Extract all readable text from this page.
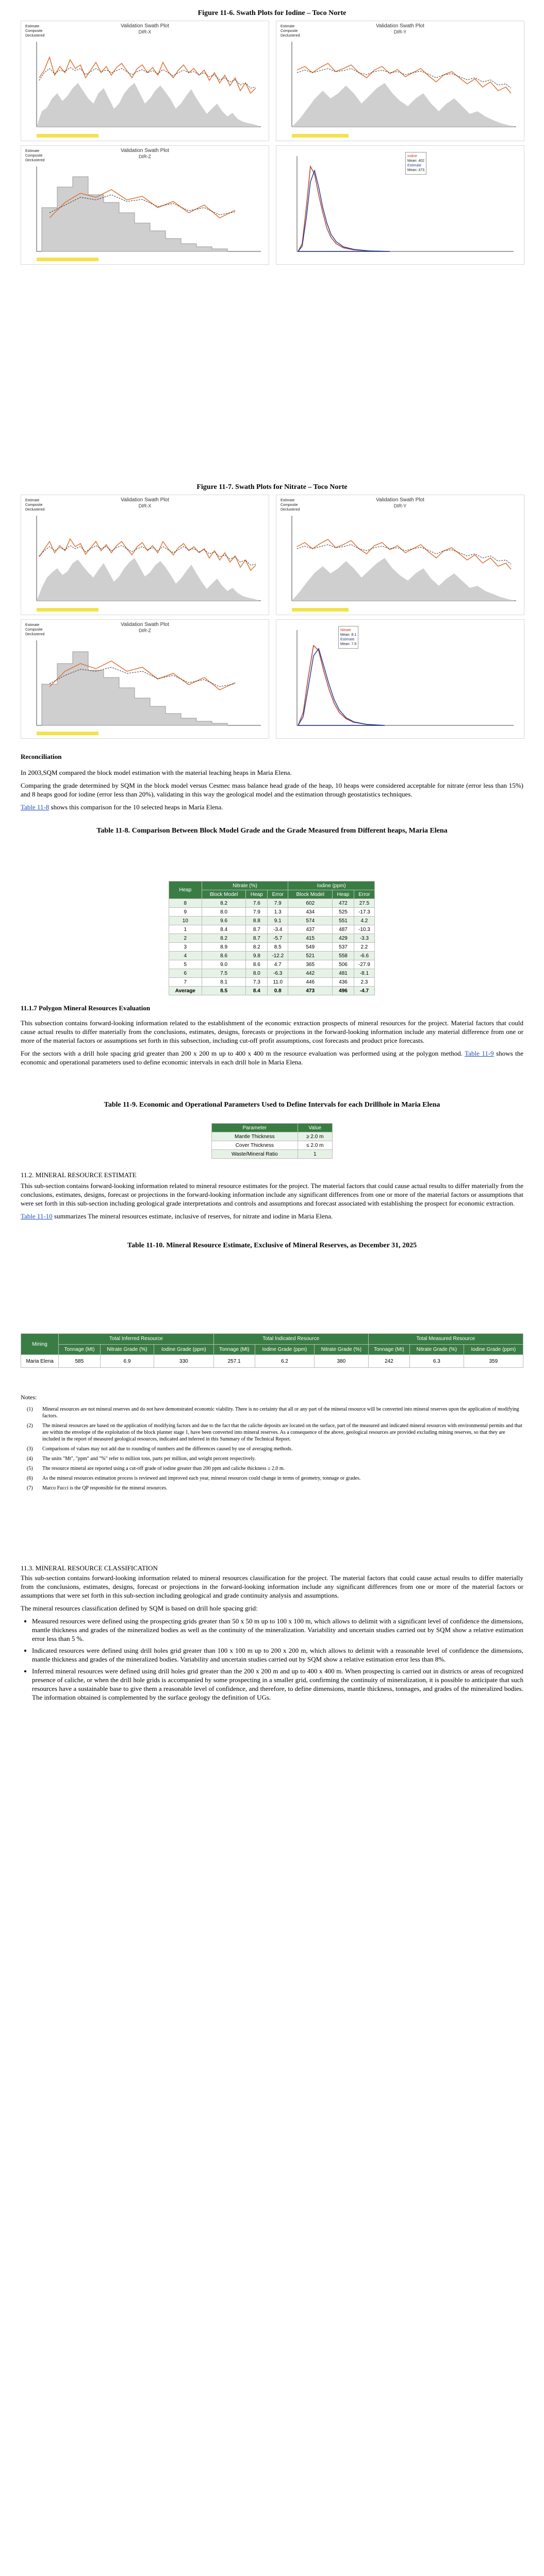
Figure 11-6. Swath Plots for Iodine – Toco Norte
Validation Swath Plot
DIR-X
Estimate
Composite
Declustered
Validation Swath Plot
DIR-Y
Estimate
Composite
Declustered
Validation Swath Plot
DIR-Z
Estimate
Composite
Declustered
Iodine
Mean: 402
Estimate
Mean: 473
Figure 11-7. Swath Plots for Nitrate – Toco Norte
Validation Swath Plot
DIR-X
Estimate
Composite
Declustered
Validation Swath Plot
DIR-Y
Estimate
Composite
Declustered
Validation Swath Plot
DIR-Z
Estimate
Composite
Declustered
Nitrate
Mean: 8.1
Estimate
Mean: 7.9
Reconciliation

In 2003,SQM compared the block model estimation with the material leaching heaps in Maria Elena.

Comparing the grade determined by SQM in the block model versus Cesmec mass balance head grade of the heap, 10 heaps were considered acceptable for nitrate (error less than 15%) and 8 heaps good for iodine (error less than 20%), validating in this way the geological model and the estimation through geostatistics techniques.

Table 11-8 shows this comparison for the 10 selected heaps in María Elena.

Table 11-8. Comparison Between Block Model Grade and the Grade Measured from Different heaps, Maria Elena
Heap	Nitrate (%)			Iodine (ppm)		
	Block Model	Heap	Error	Block Model	Heap	Error
8	8.2	7.6	7.9	602	472	27.5
9	8.0	7.9	1.3	434	525	-17.3
10	9.6	8.8	9.1	574	551	4.2
1	8.4	8.7	-3.4	437	487	-10.3
2	8.2	8.7	-5.7	415	429	-3.3
3	8.9	8.2	8.5	549	537	2.2
4	8.6	9.8	-12.2	521	558	-6.6
5	9.0	8.6	4.7	365	506	-27.9
6	7.5	8.0	-6.3	442	481	-8.1
7	8.1	7.3	11.0	446	436	2.3
Average	8.5	8.4	0.8	473	496	-4.7
11.1.7 Polygon Mineral Resources Evaluation

This subsection contains forward-looking information related to the establishment of the economic extraction prospects of mineral resources for the project. Material factors that could cause actual results to differ materially from the conclusions, estimates, designs, forecasts or projections in the forward-looking information include any material difference from one or more of the material factors or assumptions set forth in this subsection, including cut-off profit assumptions, cost forecasts and product price forecasts.

For the sectors with a drill hole spacing grid greater than 200 x 200 m up to 400 x 400 m the resource evaluation was performed using at the polygon method. Table 11-9 shows the economic and operational parameters used to define economic intervals in each drill hole in Maria Elena.

Table 11-9. Economic and Operational Parameters Used to Define Intervals for each Drillhole in Maria Elena
Parameter	Value
Mantle Thickness	≥ 2.0 m
Cover Thickness	≤ 2.0 m
Waste/Mineral Ratio	1
11.2. MINERAL RESOURCE ESTIMATE

This sub-section contains forward-looking information related to mineral resource estimates for the project. The material factors that could cause actual results to differ materially from the conclusions, estimates, designs, forecast or projections in the forward-looking information include any significant differences from one or more of the material factors or assumptions that were set forth in this sub-section including geological grade interpretations and controls and assumptions and forecast associated with establishing the prospect for economic extraction.

Table 11-10 summarizes The mineral resources estimate, inclusive of reserves, for nitrate and iodine in Maria Elena.

Table 11-10. Mineral Resource Estimate, Exclusive of Mineral Reserves, as December 31, 2025
Mining	Total Inferred Resource			Total Indicated Resource			Total Measured Resource		
	Tonnage (Mt)	Nitrate Grade (%)	Iodine Grade (ppm)	Tonnage (Mt)	Iodine Grade (ppm)	Nitrate Grade (%)	Tonnage (Mt)	Nitrate Grade (%)	Iodine Grade (ppm)
Maria Elena	585	6.9	330	257.1	6.2	380	242	6.3	359
Notes:
(1)	Mineral resources are not mineral reserves and do not have demonstrated economic viability. There is no certainty that all or any part of the mineral resource will be converted into mineral reserves upon the application of modifying factors.
(2)	The mineral resources are based on the application of modifying factors and due to the fact that the caliche deposits are located on the surface, part of the measured and indicated mineral resources with environmental permits and that are within the envelope of the exploitation of the block planner stage 1, have been converted into mineral reserves. As a consequence of the above, geological resources are provided excluding mining reserves, so that they are included in the report of measured geological resources, indicated and inferred in this Summary of the Technical Report.
(3)	Comparisons of values may not add due to rounding of numbers and the differences caused by use of averaging methods.
(4)	The units "Mt", "ppm" and "%" refer to million tons, parts per million, and weight percent respectively.
(5)	The resource mineral are reported using a cut-off grade of iodine greater than 200 ppm and caliche thickness ≥ 2.0 m.
(6)	As the mineral resources estimation process is reviewed and improved each year, mineral resources could change in terms of geometry, tonnage or grades.
(7)	Marco Fucci is the QP responsible for the mineral resources.
11.3. MINERAL RESOURCE CLASSIFICATION

This sub-section contains forward-looking information related to mineral resources classification for the project. The material factors that could cause actual results to differ materially from the conclusions, estimates, designs, forecast or projections in the forward-looking information include any significant differences from one or more of the material factors or assumptions that were set forth in this sub-section including geological and grade continuity analysis and assumptions.

The mineral resources classification defined by SQM is based on drill hole spacing grid:

• Measured resources were defined using the prospecting grids greater than 50 x 50 m up to 100 x 100 m, which allows to delimit with a significant level of confidence the dimensions, mantle thickness and grades of the mineralized bodies as well as the continuity of the mineralization. Variability and uncertain studies carried out by SQM show a relative estimation error less than 5 %.
• Indicated resources were defined using drill holes grid greater than 100 x 100 m up to 200 x 200 m, which allows to delimit with a reasonable level of confidence the dimensions, mantle thickness and grades of the mineralized bodies. Variability and uncertain studies carried out by SQM show a relative estimation error less than 8%.
• Inferred mineral resources were defined using drill holes grid greater than the 200 x 200 m and up to 400 x 400 m. When prospecting is carried out in districts or areas of recognized presence of caliche, or when the drill hole grids is accompanied by some prospecting in a smaller grid, confirming the continuity of mineralization, it is possible to anticipate that such resources have a sustainable base to give them a reasonable level of confidence, and therefore, to define dimensions, mantle thickness, tonnages, and grades of the mineralized bodies. The information obtained is complemented by the surface geology the definition of UGs.
